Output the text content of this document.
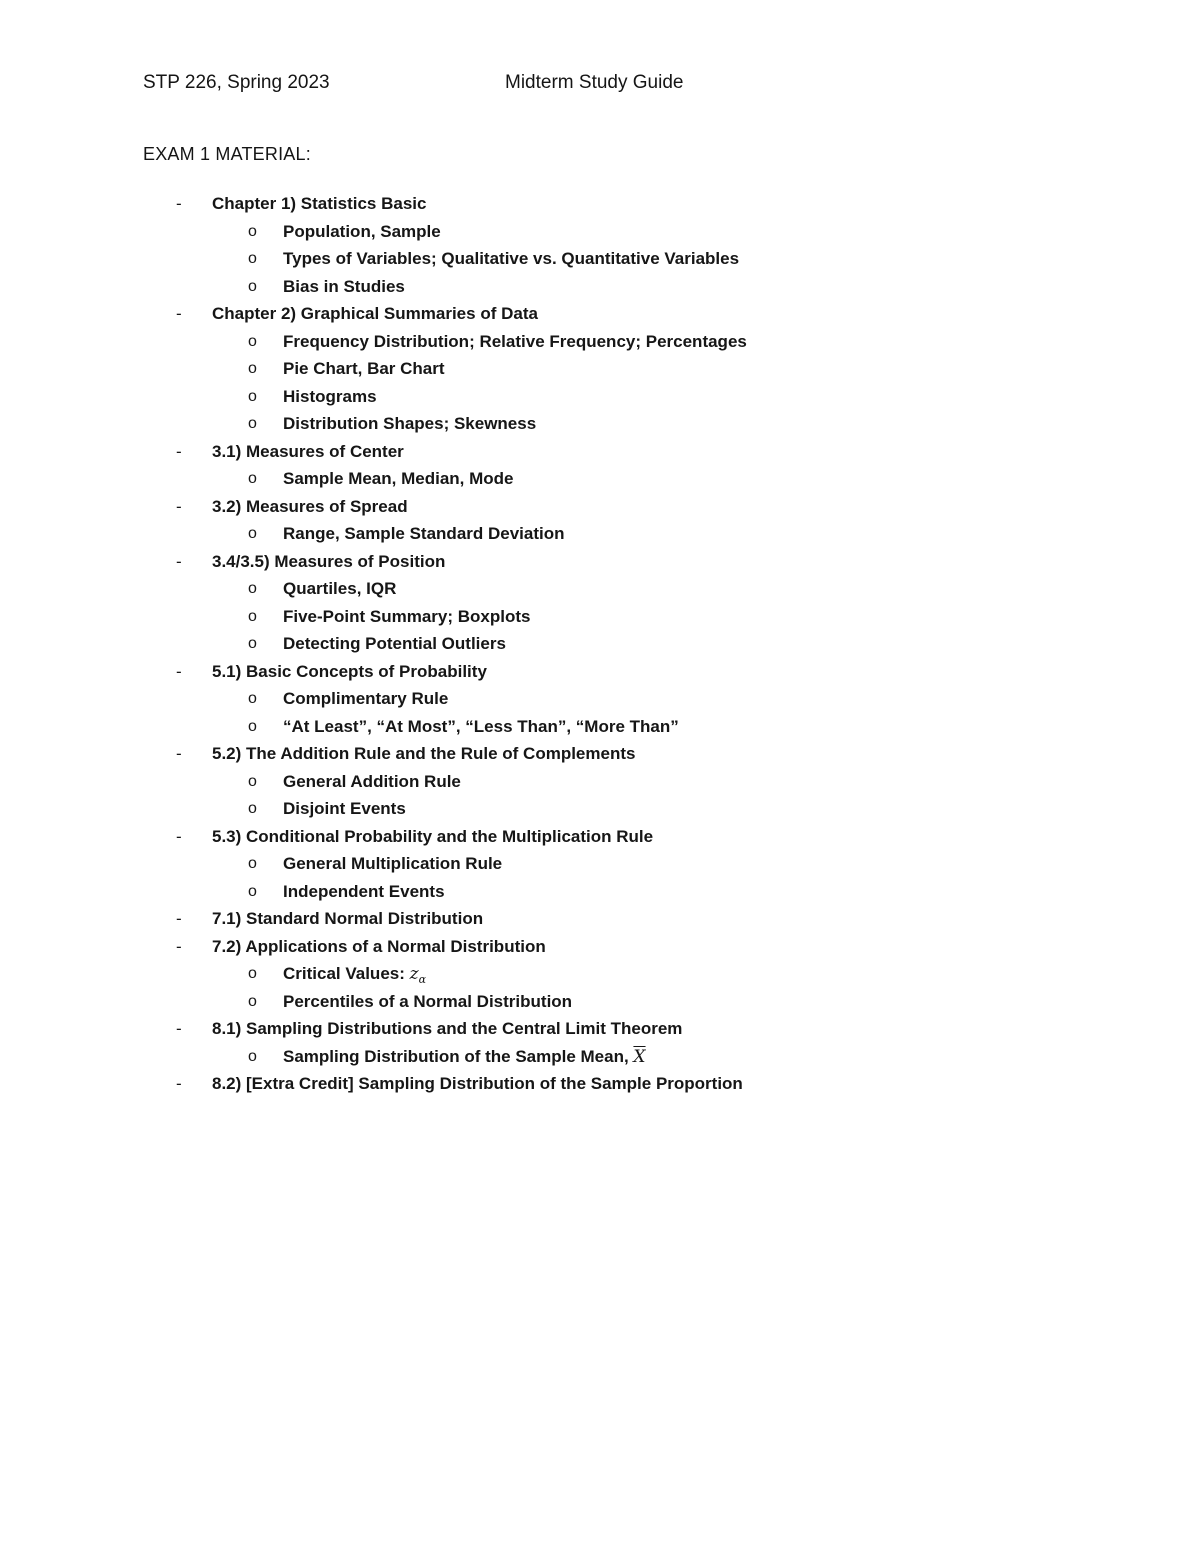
STP 226, Spring 2023	Midterm Study Guide
EXAM 1 MATERIAL:
- Chapter 1) Statistics Basic
o Population, Sample
o Types of Variables; Qualitative vs. Quantitative Variables
o Bias in Studies
- Chapter 2) Graphical Summaries of Data
o Frequency Distribution; Relative Frequency; Percentages
o Pie Chart, Bar Chart
o Histograms
o Distribution Shapes; Skewness
- 3.1) Measures of Center
o Sample Mean, Median, Mode
- 3.2) Measures of Spread
o Range, Sample Standard Deviation
- 3.4/3.5) Measures of Position
o Quartiles, IQR
o Five-Point Summary; Boxplots
o Detecting Potential Outliers
- 5.1) Basic Concepts of Probability
o Complimentary Rule
o “At Least”, “At Most”, “Less Than”, “More Than”
- 5.2) The Addition Rule and the Rule of Complements
o General Addition Rule
o Disjoint Events
- 5.3) Conditional Probability and the Multiplication Rule
o General Multiplication Rule
o Independent Events
- 7.1) Standard Normal Distribution
- 7.2) Applications of a Normal Distribution
o Critical Values: $z_\alpha$
o Percentiles of a Normal Distribution
- 8.1) Sampling Distributions and the Central Limit Theorem
o Sampling Distribution of the Sample Mean, $\overline{X}$
- 8.2) [Extra Credit] Sampling Distribution of the Sample Proportion
